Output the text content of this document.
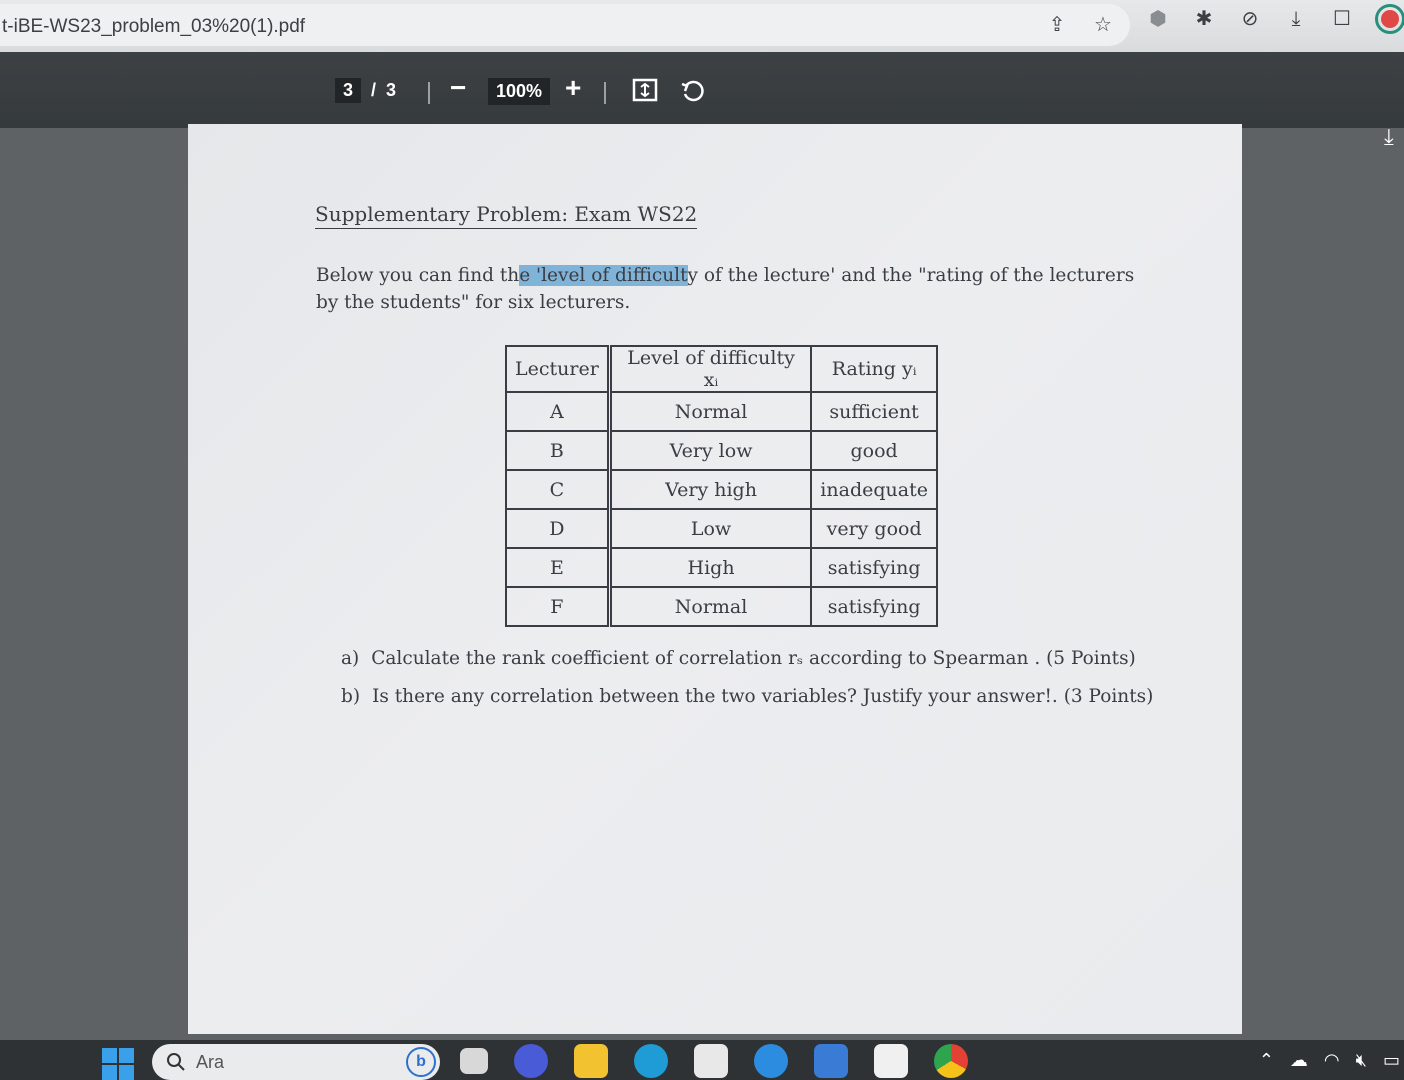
t-iBE-WS23_problem_03%20(1).pdf	⇪ ☆ ⬢ ✱ ⊘	⤓	☐
3	/ 3 −	100% +
⤓
Supplementary Problem: Exam WS22

Below you can find the 'level of difficulty of the lecture' and the "rating of the lecturers by the students" for six lecturers.

Lecturer	Level of difficulty xᵢ	Rating yᵢ
A	Normal	sufficient
B	Very low	good
C	Very high	inadequate
D	Low	very good
E	High	satisfying
F	Normal	satisfying
a) Calculate the rank coefficient of correlation rₛ according to Spearman . (5 Points)
b) Is there any correlation between the two variables? Justify your answer!. (3 Points)
Ara	b	⌃ ☁ ◠ 🔇︎ ▭
